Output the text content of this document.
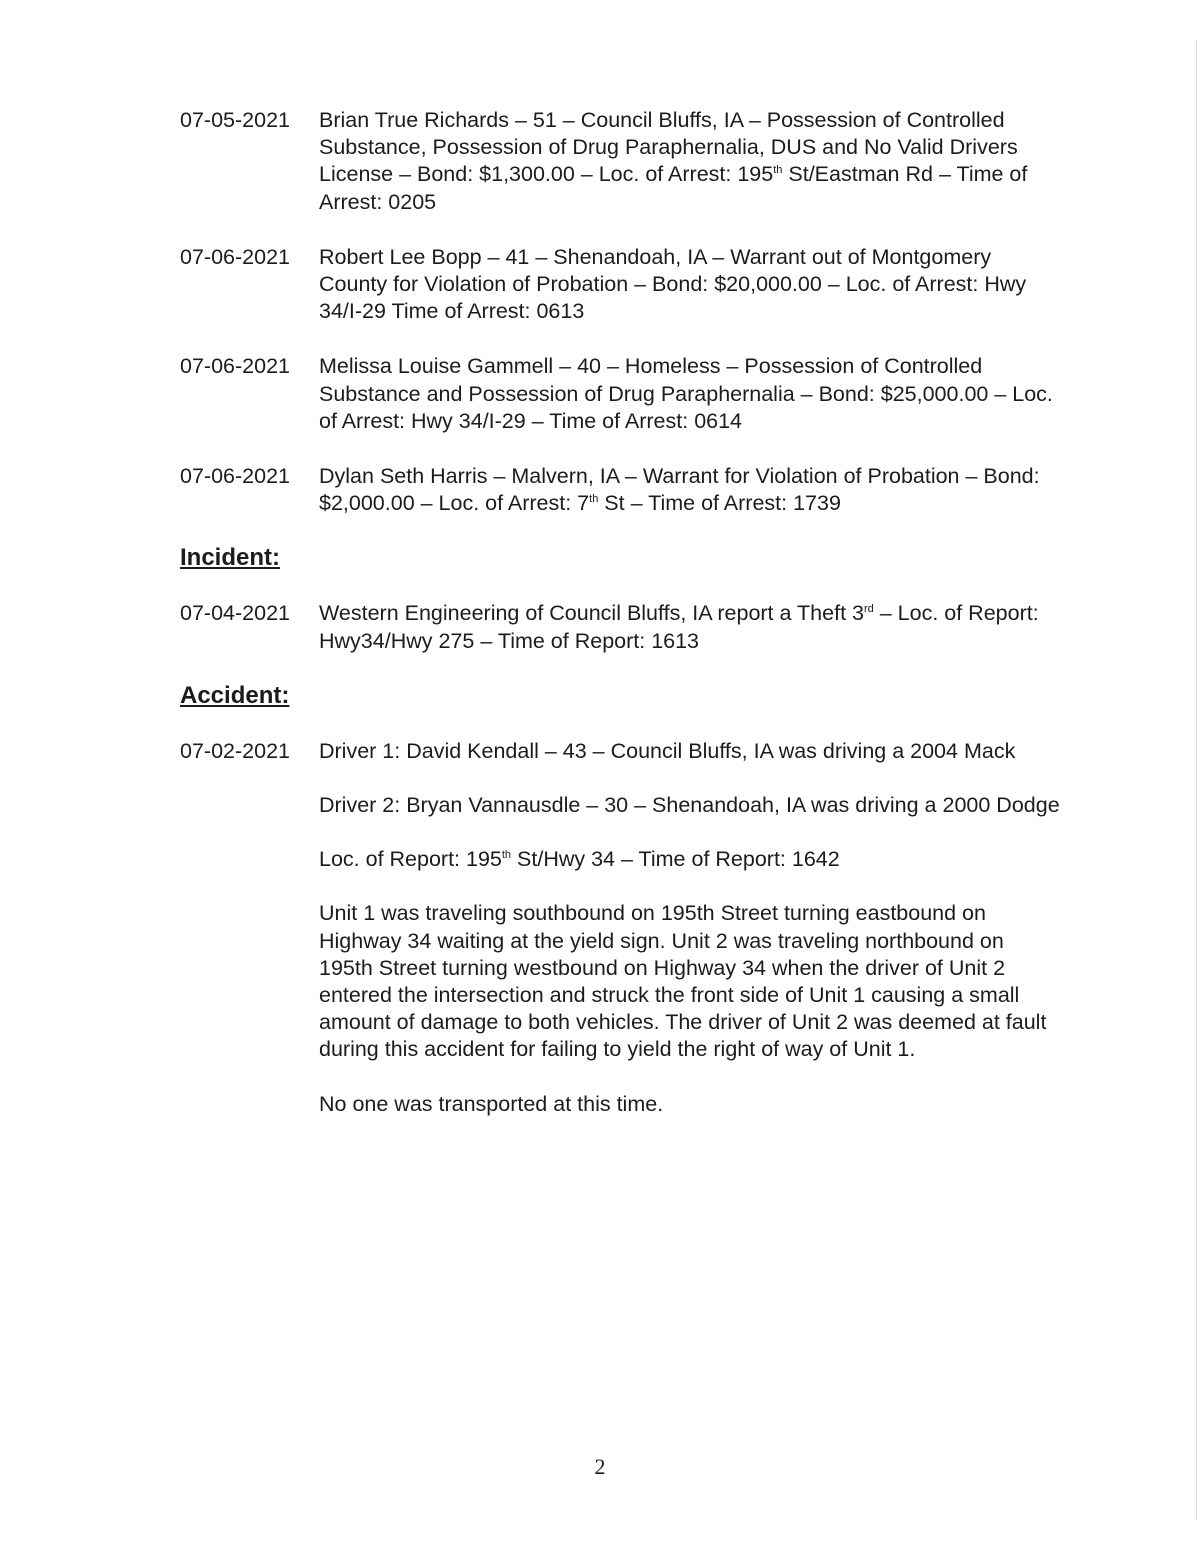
07-05-2021	Brian True Richards – 51 – Council Bluffs, IA – Possession of Controlled Substance, Possession of Drug Paraphernalia, DUS and No Valid Drivers License – Bond: $1,300.00 – Loc. of Arrest: 195th St/Eastman Rd – Time of Arrest: 0205
07-06-2021	Robert Lee Bopp – 41 – Shenandoah, IA – Warrant out of Montgomery County for Violation of Probation – Bond: $20,000.00 – Loc. of Arrest: Hwy 34/I-29 Time of Arrest: 0613
07-06-2021	Melissa Louise Gammell – 40 – Homeless – Possession of Controlled Substance and Possession of Drug Paraphernalia – Bond: $25,000.00 – Loc. of Arrest: Hwy 34/I-29 – Time of Arrest: 0614
07-06-2021	Dylan Seth Harris – Malvern, IA – Warrant for Violation of Probation – Bond: $2,000.00 – Loc. of Arrest: 7th St – Time of Arrest: 1739
Incident:
07-04-2021	Western Engineering of Council Bluffs, IA report a Theft 3rd – Loc. of Report: Hwy34/Hwy 275 – Time of Report: 1613
Accident:
07-02-2021	Driver 1: David Kendall – 43 – Council Bluffs, IA was driving a 2004 Mack

Driver 2: Bryan Vannausdle – 30 – Shenandoah, IA was driving a 2000 Dodge

Loc. of Report: 195th St/Hwy 34 – Time of Report: 1642

Unit 1 was traveling southbound on 195th Street turning eastbound on Highway 34 waiting at the yield sign. Unit 2 was traveling northbound on 195th Street turning westbound on Highway 34 when the driver of Unit 2 entered the intersection and struck the front side of Unit 1 causing a small amount of damage to both vehicles. The driver of Unit 2 was deemed at fault during this accident for failing to yield the right of way of Unit 1.

No one was transported at this time.

2
